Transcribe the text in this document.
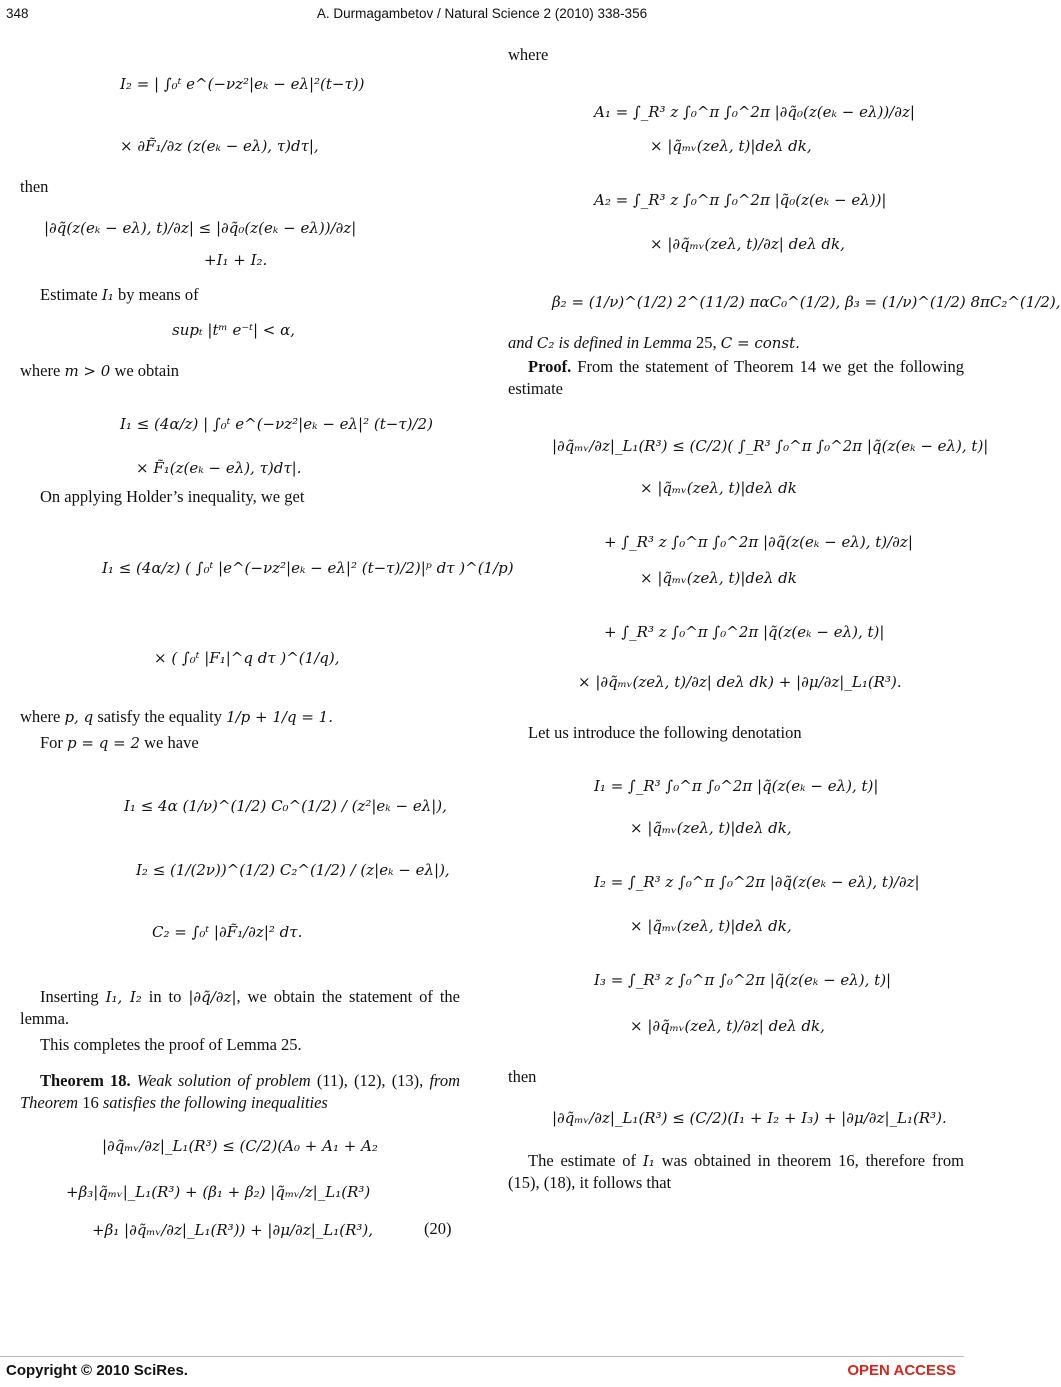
348	A. Durmagambetov / Natural Science 2 (2010) 338-356
I₂ = | ∫₀ᵗ e^(−νz²|eₖ − eλ|²(t−τ))
× ∂F̃₁/∂z (z(eₖ − eλ), τ)dτ|,

then

|∂q̃(z(eₖ − eλ), t)/∂z| ≤ |∂q̃₀(z(eₖ − eλ))/∂z|
+I₁ + I₂.

Estimate I₁ by means of

supₜ |tᵐ e⁻ᵗ| < α,

where m > 0 we obtain

I₁ ≤ (4α/z) | ∫₀ᵗ e^(−νz²|eₖ − eλ|² (t−τ)/2)
× F̃₁(z(eₖ − eλ), τ)dτ|.

On applying Holder’s inequality, we get

I₁ ≤ (4α/z) ( ∫₀ᵗ |e^(−νz²|eₖ − eλ|² (t−τ)/2)|ᵖ dτ )^(1/p)
× ( ∫₀ᵗ |F₁|^q dτ )^(1/q),

where p, q satisfy the equality 1/p + 1/q = 1.

For p = q = 2 we have

I₁ ≤ 4α (1/ν)^(1/2) C₀^(1/2) / (z²|eₖ − eλ|),
I₂ ≤ (1/(2ν))^(1/2) C₂^(1/2) / (z|eₖ − eλ|),
C₂ = ∫₀ᵗ |∂F̃₁/∂z|² dτ.

Inserting I₁, I₂ in to |∂q̃/∂z|, we obtain the statement of the lemma.

This completes the proof of Lemma 25.

Theorem 18. Weak solution of problem (11), (12), (13), from Theorem 16 satisfies the following inequalities

|∂q̃ₘᵥ/∂z|_L₁(R³) ≤ (C/2)(A₀ + A₁ + A₂
+β₃|q̃ₘᵥ|_L₁(R³) + (β₁ + β₂) |q̃ₘᵥ/z|_L₁(R³)
+β₁ |∂q̃ₘᵥ/∂z|_L₁(R³)) + |∂μ/∂z|_L₁(R³),	(20)

where

A₁ = ∫_R³ z ∫₀^π ∫₀^2π |∂q̃₀(z(eₖ − eλ))/∂z|
× |q̃ₘᵥ(zeλ, t)|deλ dk,
A₂ = ∫_R³ z ∫₀^π ∫₀^2π |q̃₀(z(eₖ − eλ))|
× |∂q̃ₘᵥ(zeλ, t)/∂z| deλ dk,
β₂ = (1/ν)^(1/2) 2^(11/2) παC₀^(1/2), β₃ = (1/ν)^(1/2) 8πC₂^(1/2),

and C₂ is defined in Lemma 25, C = const.

Proof. From the statement of Theorem 14 we get the following estimate

|∂q̃ₘᵥ/∂z|_L₁(R³) ≤ (C/2)( ∫_R³ ∫₀^π ∫₀^2π |q̃(z(eₖ − eλ), t)|
× |q̃ₘᵥ(zeλ, t)|deλ dk
+ ∫_R³ z ∫₀^π ∫₀^2π |∂q̃(z(eₖ − eλ), t)/∂z|
× |q̃ₘᵥ(zeλ, t)|deλ dk
+ ∫_R³ z ∫₀^π ∫₀^2π |q̃(z(eₖ − eλ), t)|
× |∂q̃ₘᵥ(zeλ, t)/∂z| deλ dk) + |∂μ/∂z|_L₁(R³).

Let us introduce the following denotation

I₁ = ∫_R³ ∫₀^π ∫₀^2π |q̃(z(eₖ − eλ), t)|
× |q̃ₘᵥ(zeλ, t)|deλ dk,
I₂ = ∫_R³ z ∫₀^π ∫₀^2π |∂q̃(z(eₖ − eλ), t)/∂z|
× |q̃ₘᵥ(zeλ, t)|deλ dk,
I₃ = ∫_R³ z ∫₀^π ∫₀^2π |q̃(z(eₖ − eλ), t)|
× |∂q̃ₘᵥ(zeλ, t)/∂z| deλ dk,

then

|∂q̃ₘᵥ/∂z|_L₁(R³) ≤ (C/2)(I₁ + I₂ + I₃) + |∂μ/∂z|_L₁(R³).

The estimate of I₁ was obtained in theorem 16, therefore from (15), (18), it follows that

Copyright © 2010 SciRes.	OPEN ACCESS
